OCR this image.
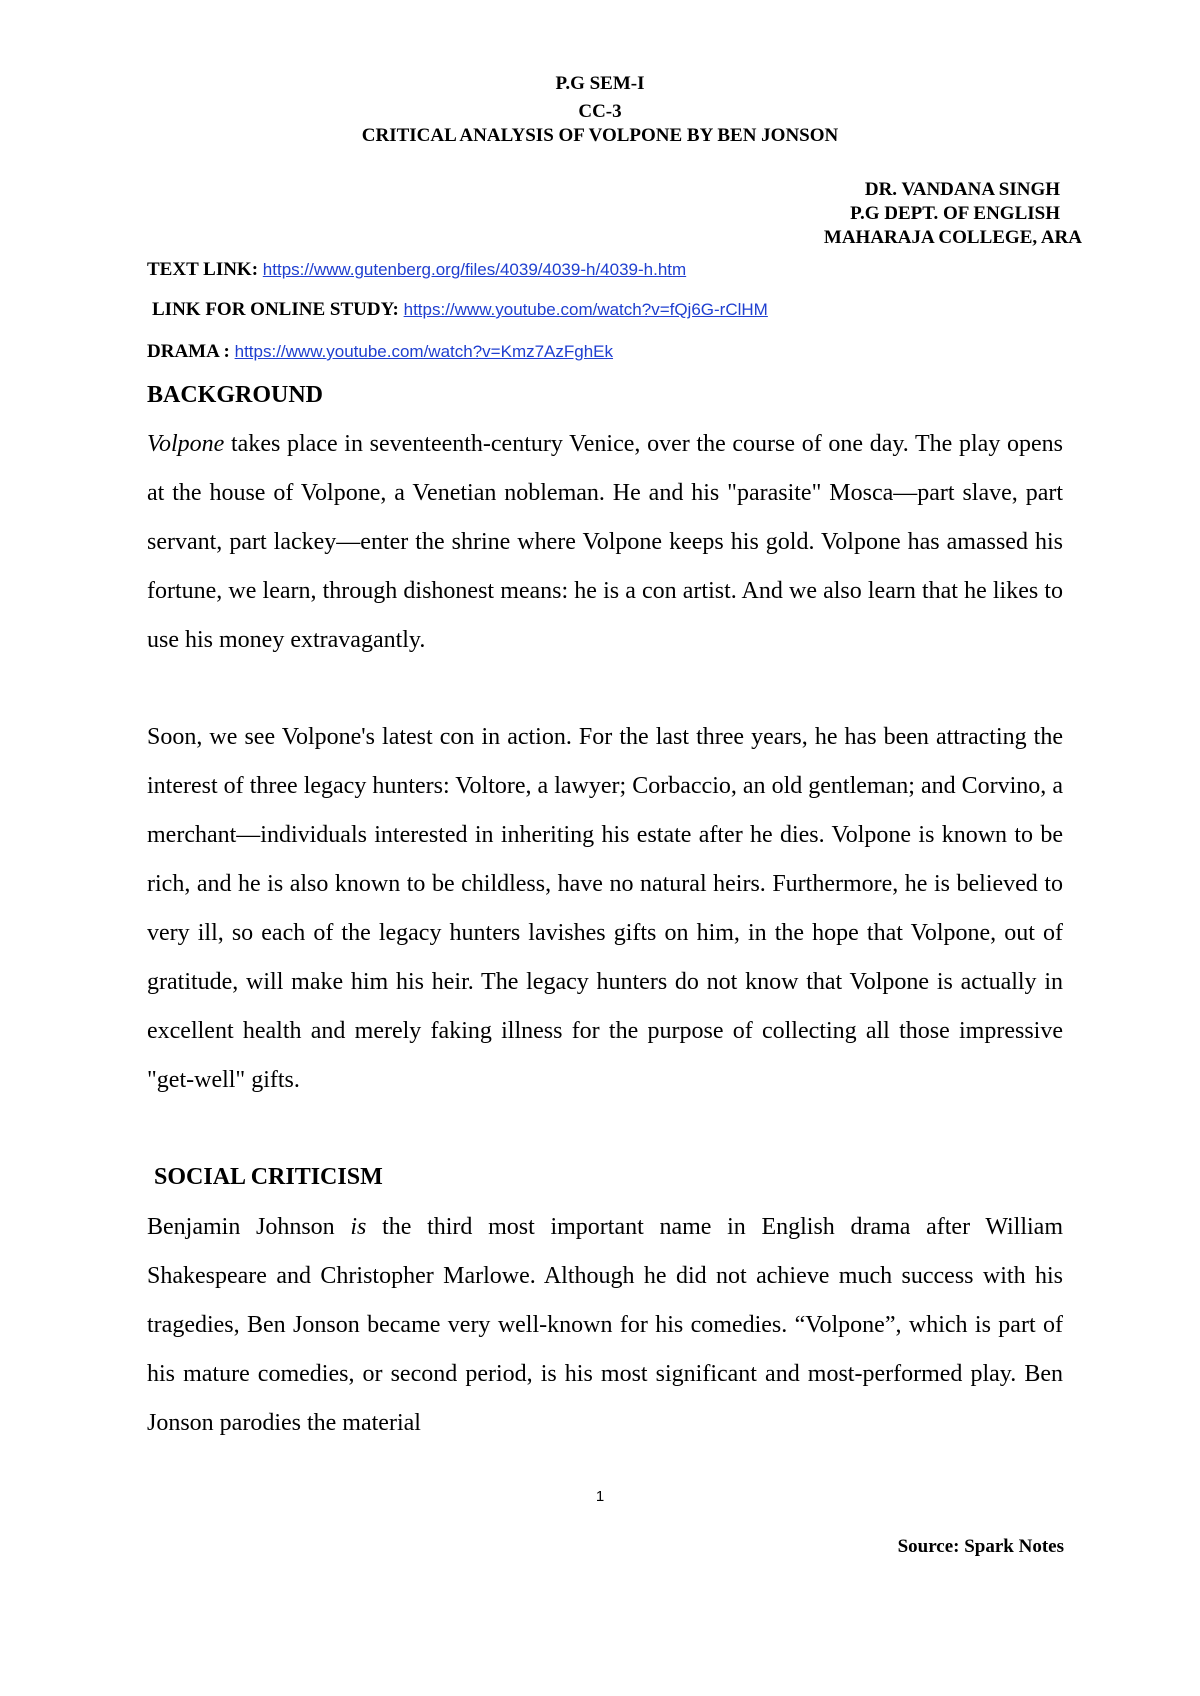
P.G SEM-I
CC-3
CRITICAL ANALYSIS OF VOLPONE BY BEN JONSON
DR. VANDANA SINGH
P.G DEPT. OF ENGLISH
MAHARAJA COLLEGE, ARA
TEXT LINK: https://www.gutenberg.org/files/4039/4039-h/4039-h.htm
LINK FOR ONLINE STUDY: https://www.youtube.com/watch?v=fQj6G-rClHM
DRAMA : https://www.youtube.com/watch?v=Kmz7AzFghEk
BACKGROUND

Volpone takes place in seventeenth-century Venice, over the course of one day. The play opens at the house of Volpone, a Venetian nobleman. He and his "parasite" Mosca—part slave, part servant, part lackey—enter the shrine where Volpone keeps his gold. Volpone has amassed his fortune, we learn, through dishonest means: he is a con artist. And we also learn that he likes to use his money extravagantly.

Soon, we see Volpone's latest con in action. For the last three years, he has been attracting the interest of three legacy hunters: Voltore, a lawyer; Corbaccio, an old gentleman; and Corvino, a merchant—individuals interested in inheriting his estate after he dies. Volpone is known to be rich, and he is also known to be childless, have no natural heirs. Furthermore, he is believed to very ill, so each of the legacy hunters lavishes gifts on him, in the hope that Volpone, out of gratitude, will make him his heir. The legacy hunters do not know that Volpone is actually in excellent health and merely faking illness for the purpose of collecting all those impressive "get-well" gifts.

SOCIAL CRITICISM

Benjamin Johnson is the third most important name in English drama after William Shakespeare and Christopher Marlowe. Although he did not achieve much success with his tragedies, Ben Jonson became very well-known for his comedies. “Volpone”, which is part of his mature comedies, or second period, is his most significant and most-performed play. Ben Jonson parodies the material

1
Source: Spark Notes
